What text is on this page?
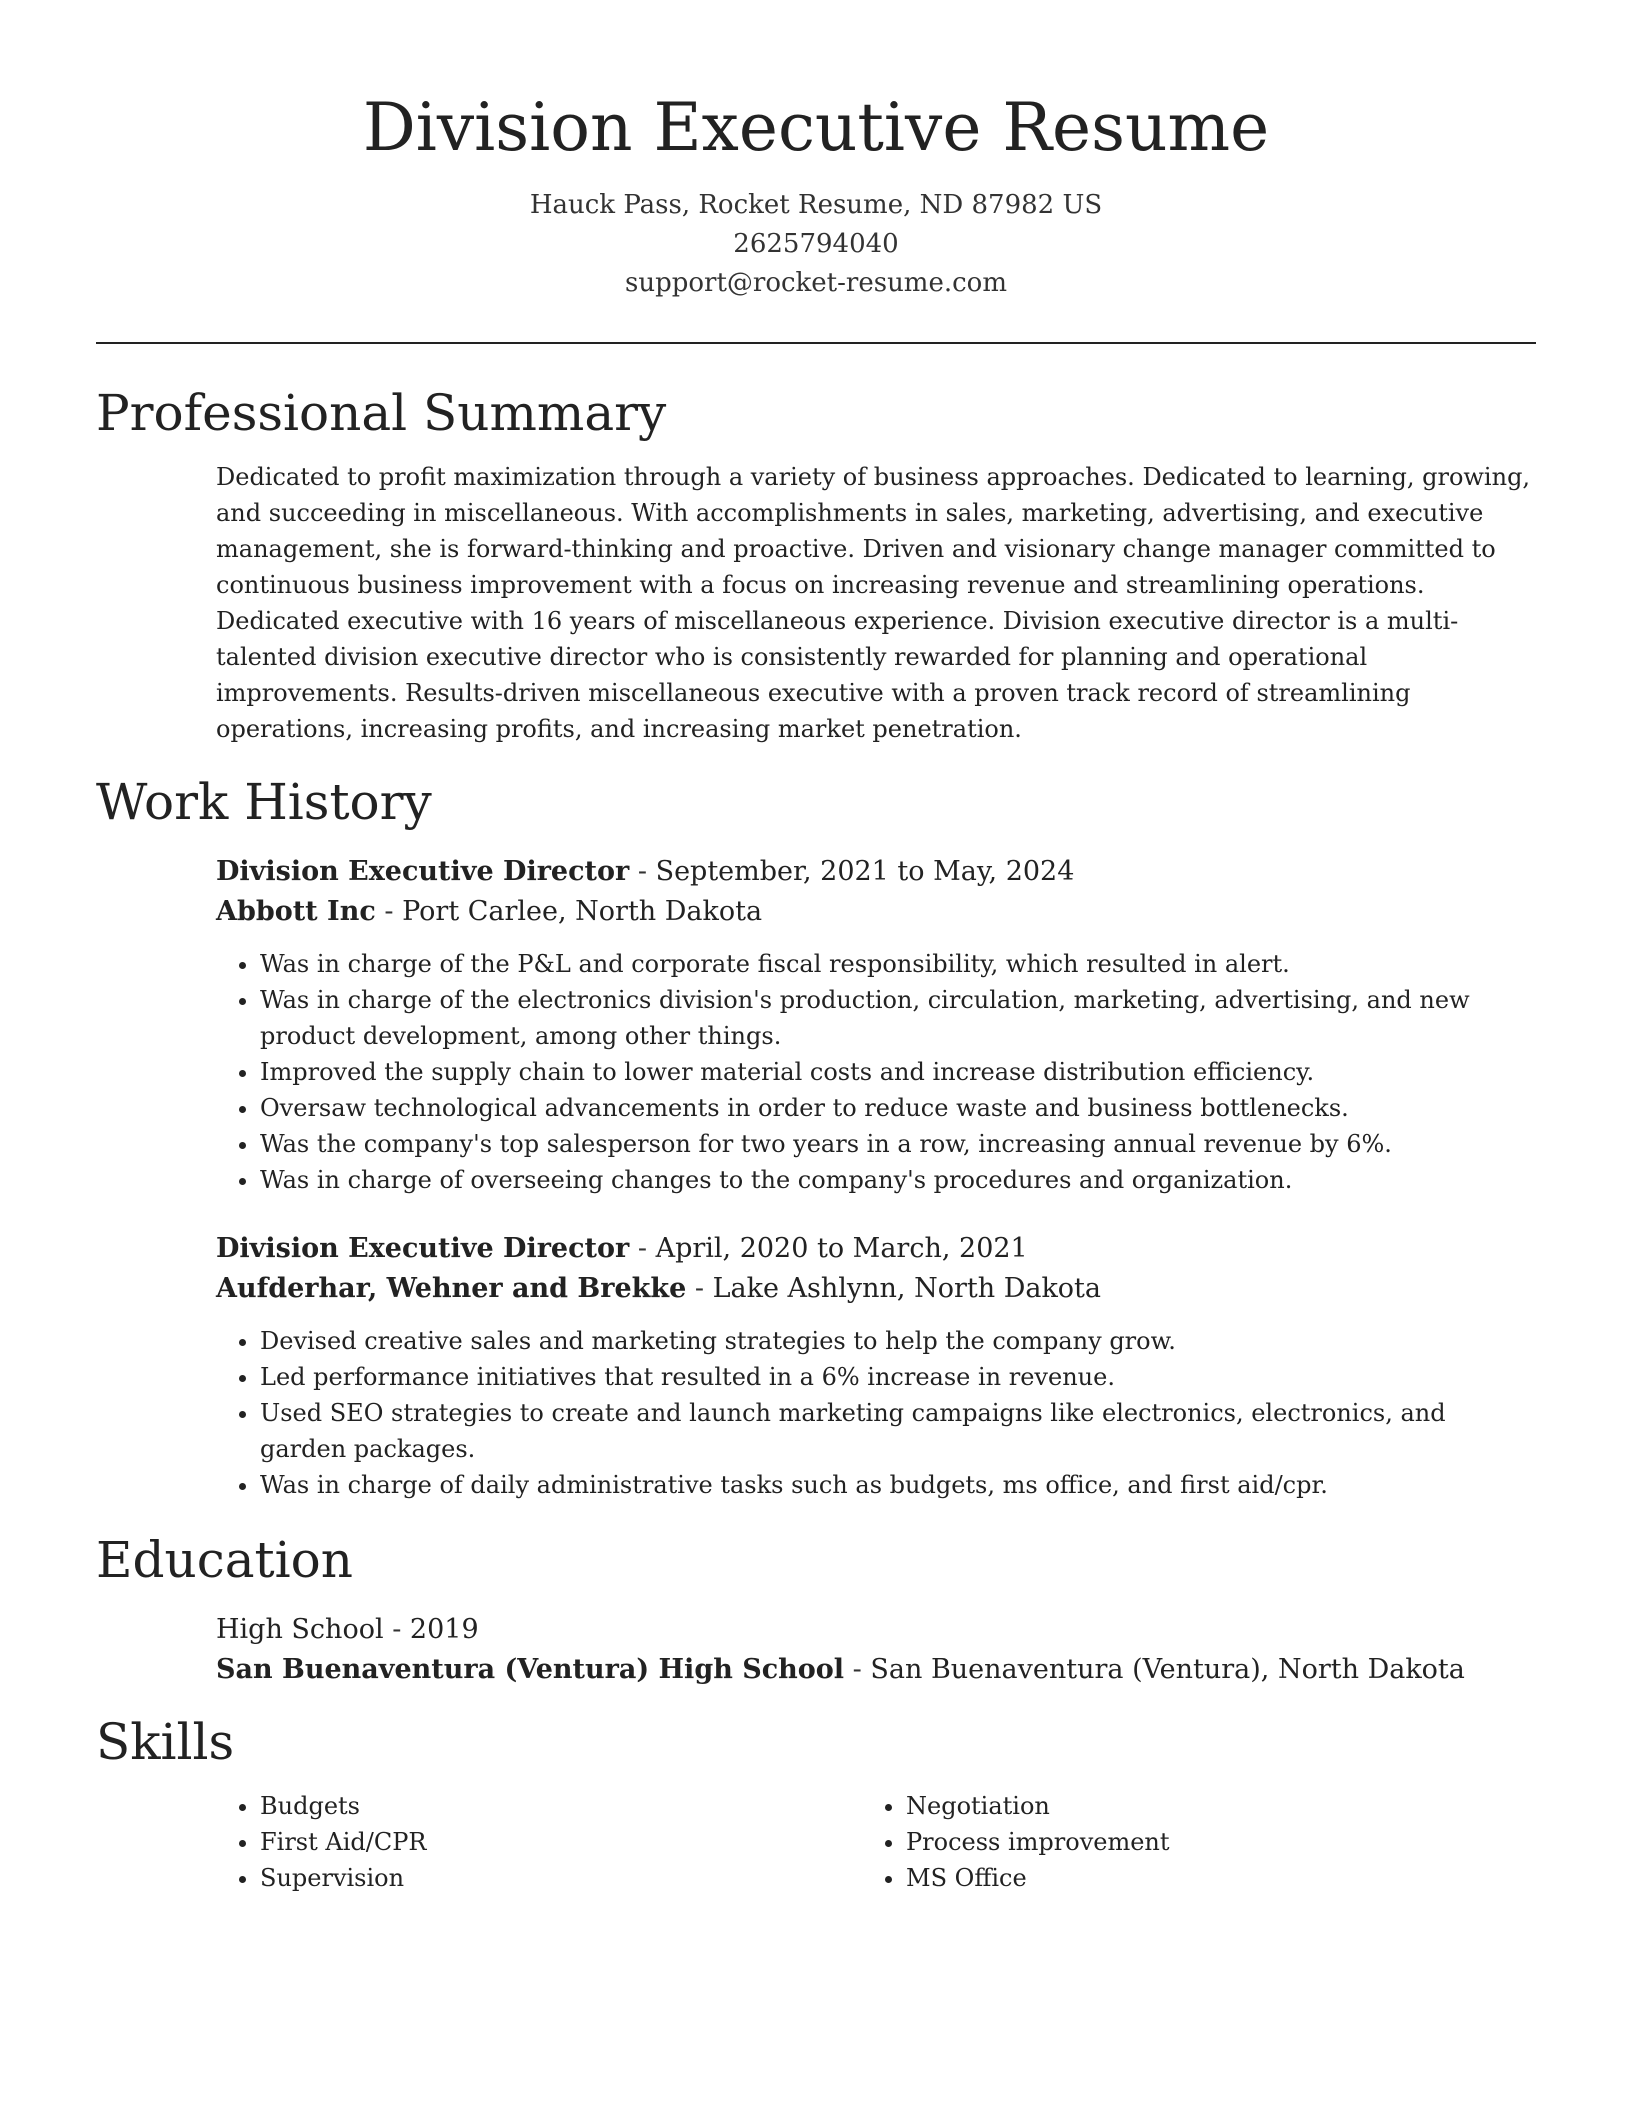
Division Executive Resume
Hauck Pass, Rocket Resume, ND 87982 US
2625794040
support@rocket-resume.com
Professional Summary

Dedicated to profit maximization through a variety of business approaches. Dedicated to learning, growing, and succeeding in miscellaneous. With accomplishments in sales, marketing, advertising, and executive management, she is forward-thinking and proactive. Driven and visionary change manager committed to continuous business improvement with a focus on increasing revenue and streamlining operations. Dedicated executive with 16 years of miscellaneous experience. Division executive director is a multi-talented division executive director who is consistently rewarded for planning and operational improvements. Results-driven miscellaneous executive with a proven track record of streamlining operations, increasing profits, and increasing market penetration.

Work History
Division Executive Director - September, 2021 to May, 2024
Abbott Inc - Port Carlee, North Dakota
• Was in charge of the P&L and corporate fiscal responsibility, which resulted in alert.
• Was in charge of the electronics division's production, circulation, marketing, advertising, and new product development, among other things.
• Improved the supply chain to lower material costs and increase distribution efficiency.
• Oversaw technological advancements in order to reduce waste and business bottlenecks.
• Was the company's top salesperson for two years in a row, increasing annual revenue by 6%.
• Was in charge of overseeing changes to the company's procedures and organization.
Division Executive Director - April, 2020 to March, 2021
Aufderhar, Wehner and Brekke - Lake Ashlynn, North Dakota
• Devised creative sales and marketing strategies to help the company grow.
• Led performance initiatives that resulted in a 6% increase in revenue.
• Used SEO strategies to create and launch marketing campaigns like electronics, electronics, and garden packages.
• Was in charge of daily administrative tasks such as budgets, ms office, and first aid/cpr.
Education
High School - 2019
San Buenaventura (Ventura) High School - San Buenaventura (Ventura), North Dakota
Skills
• Budgets
• First Aid/CPR
• Supervision
• Negotiation
• Process improvement
• MS Office
